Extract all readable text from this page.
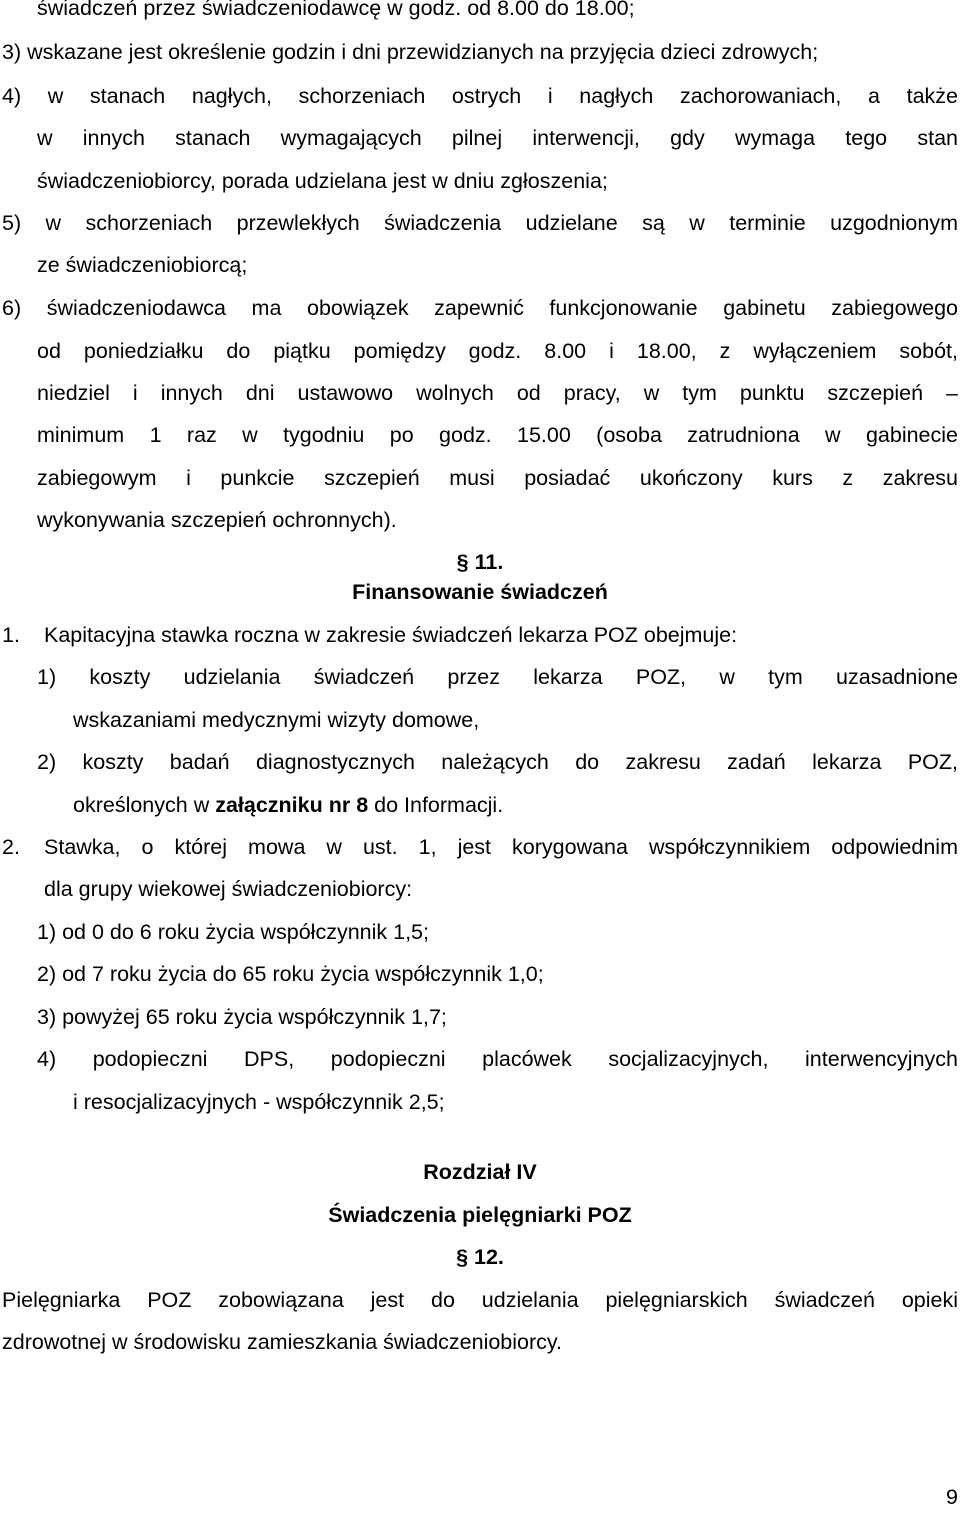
świadczeń przez świadczeniodawcę w godz. od 8.00 do 18.00;
3) wskazane jest określenie godzin i dni przewidzianych na przyjęcia dzieci zdrowych;
4) w stanach nagłych, schorzeniach ostrych i nagłych zachorowaniach, a także
w innych stanach wymagających pilnej interwencji, gdy wymaga tego stan
świadczeniobiorcy, porada udzielana jest w dniu zgłoszenia;
5) w schorzeniach przewlekłych świadczenia udzielane są w terminie uzgodnionym
ze świadczeniobiorcą;
6) świadczeniodawca ma obowiązek zapewnić funkcjonowanie gabinetu zabiegowego
od poniedziałku do piątku pomiędzy godz. 8.00 i 18.00, z wyłączeniem sobót,
niedziel i innych dni ustawowo wolnych od pracy, w tym punktu szczepień –
minimum 1 raz w tygodniu po godz. 15.00 (osoba zatrudniona w gabinecie
zabiegowym i punkcie szczepień musi posiadać ukończony kurs z zakresu
wykonywania szczepień ochronnych).
§ 11.
Finansowanie świadczeń
1. Kapitacyjna stawka roczna w zakresie świadczeń lekarza POZ obejmuje:
1) koszty udzielania świadczeń przez lekarza POZ, w tym uzasadnione
wskazaniami medycznymi wizyty domowe,
2) koszty badań diagnostycznych należących do zakresu zadań lekarza POZ,
określonych w załączniku nr 8 do Informacji.
2. Stawka, o której mowa w ust. 1, jest korygowana współczynnikiem odpowiednim
dla grupy wiekowej świadczeniobiorcy:
1) od 0 do 6 roku życia współczynnik 1,5;
2) od 7 roku życia do 65 roku życia współczynnik 1,0;
3) powyżej 65 roku życia współczynnik 1,7;
4) podopieczni DPS, podopieczni placówek socjalizacyjnych, interwencyjnych
i resocjalizacyjnych - współczynnik 2,5;
Rozdział IV
Świadczenia pielęgniarki POZ
§ 12.
Pielęgniarka POZ zobowiązana jest do udzielania pielęgniarskich świadczeń opieki
zdrowotnej w środowisku zamieszkania świadczeniobiorcy.
9
